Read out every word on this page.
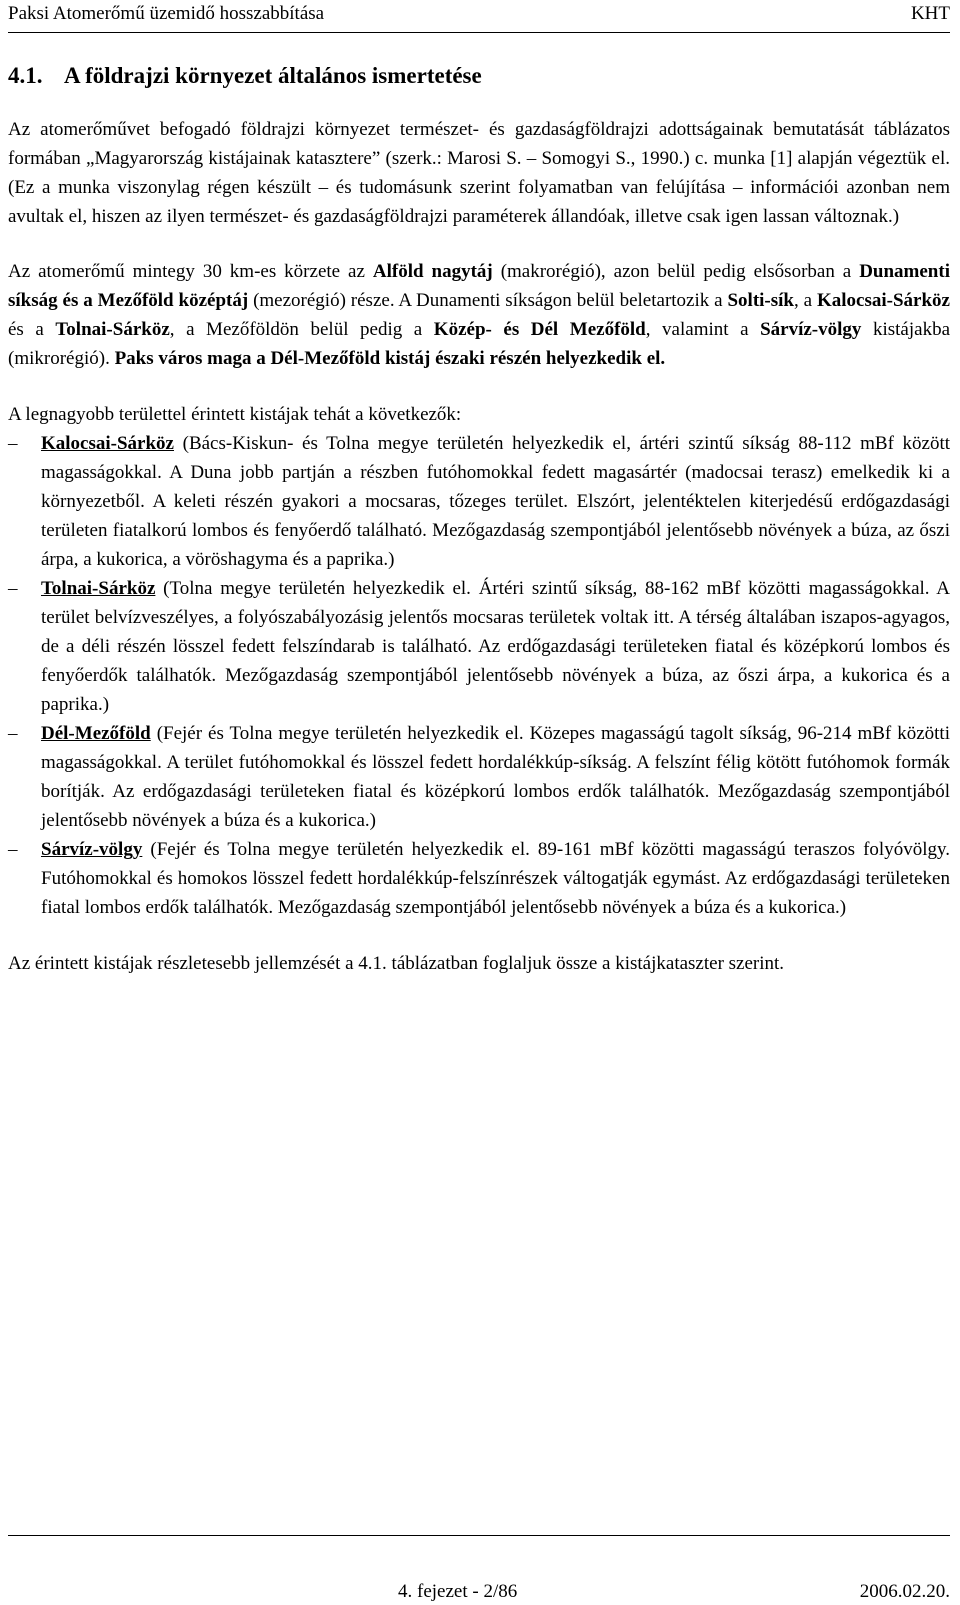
Paksi Atomerőmű üzemidő hosszabbítása	KHT
4.1. A földrajzi környezet általános ismertetése

Az atomerőművet befogadó földrajzi környezet természet- és gazdaságföldrajzi adottságainak bemutatását táblázatos formában „Magyarország kistájainak katasztere” (szerk.: Marosi S. – Somogyi S., 1990.) c. munka [1] alapján végeztük el. (Ez a munka viszonylag régen készült – és tudomásunk szerint folyamatban van felújítása – információi azonban nem avultak el, hiszen az ilyen természet- és gazdaságföldrajzi paraméterek állandóak, illetve csak igen lassan változnak.)

Az atomerőmű mintegy 30 km-es körzete az Alföld nagytáj (makrorégió), azon belül pedig elsősorban a Dunamenti síkság és a Mezőföld középtáj (mezorégió) része. A Dunamenti síkságon belül beletartozik a Solti-sík, a Kalocsai-Sárköz és a Tolnai-Sárköz, a Mezőföldön belül pedig a Közép- és Dél Mezőföld, valamint a Sárvíz-völgy kistájakba (mikrorégió). Paks város maga a Dél-Mezőföld kistáj északi részén helyezkedik el.

A legnagyobb területtel érintett kistájak tehát a következők:

– Kalocsai-Sárköz (Bács-Kiskun- és Tolna megye területén helyezkedik el, ártéri szintű síkság 88-112 mBf között magasságokkal. A Duna jobb partján a részben futóhomokkal fedett magasártér (madocsai terasz) emelkedik ki a környezetből. A keleti részén gyakori a mocsaras, tőzeges terület. Elszórt, jelentéktelen kiterjedésű erdőgazdasági területen fiatalkorú lombos és fenyőerdő található. Mezőgazdaság szempontjából jelentősebb növények a búza, az őszi árpa, a kukorica, a vöröshagyma és a paprika.)
– Tolnai-Sárköz (Tolna megye területén helyezkedik el. Ártéri szintű síkság, 88-162 mBf közötti magasságokkal. A terület belvízveszélyes, a folyószabályozásig jelentős mocsaras területek voltak itt. A térség általában iszapos-agyagos, de a déli részén lösszel fedett felszíndarab is található. Az erdőgazdasági területeken fiatal és középkorú lombos és fenyőerdők találhatók. Mezőgazdaság szempontjából jelentősebb növények a búza, az őszi árpa, a kukorica és a paprika.)
– Dél-Mezőföld (Fejér és Tolna megye területén helyezkedik el. Közepes magasságú tagolt síkság, 96-214 mBf közötti magasságokkal. A terület futóhomokkal és lösszel fedett hordalékkúp-síkság. A felszínt félig kötött futóhomok formák borítják. Az erdőgazdasági területeken fiatal és középkorú lombos erdők találhatók. Mezőgazdaság szempontjából jelentősebb növények a búza és a kukorica.)
– Sárvíz-völgy (Fejér és Tolna megye területén helyezkedik el. 89-161 mBf közötti magasságú teraszos folyóvölgy. Futóhomokkal és homokos lösszel fedett hordalékkúp-felszínrészek váltogatják egymást. Az erdőgazdasági területeken fiatal lombos erdők találhatók. Mezőgazdaság szempontjából jelentősebb növények a búza és a kukorica.)

Az érintett kistájak részletesebb jellemzését a 4.1. táblázatban foglaljuk össze a kistájkataszter szerint.

4. fejezet - 2/86	2006.02.20.
